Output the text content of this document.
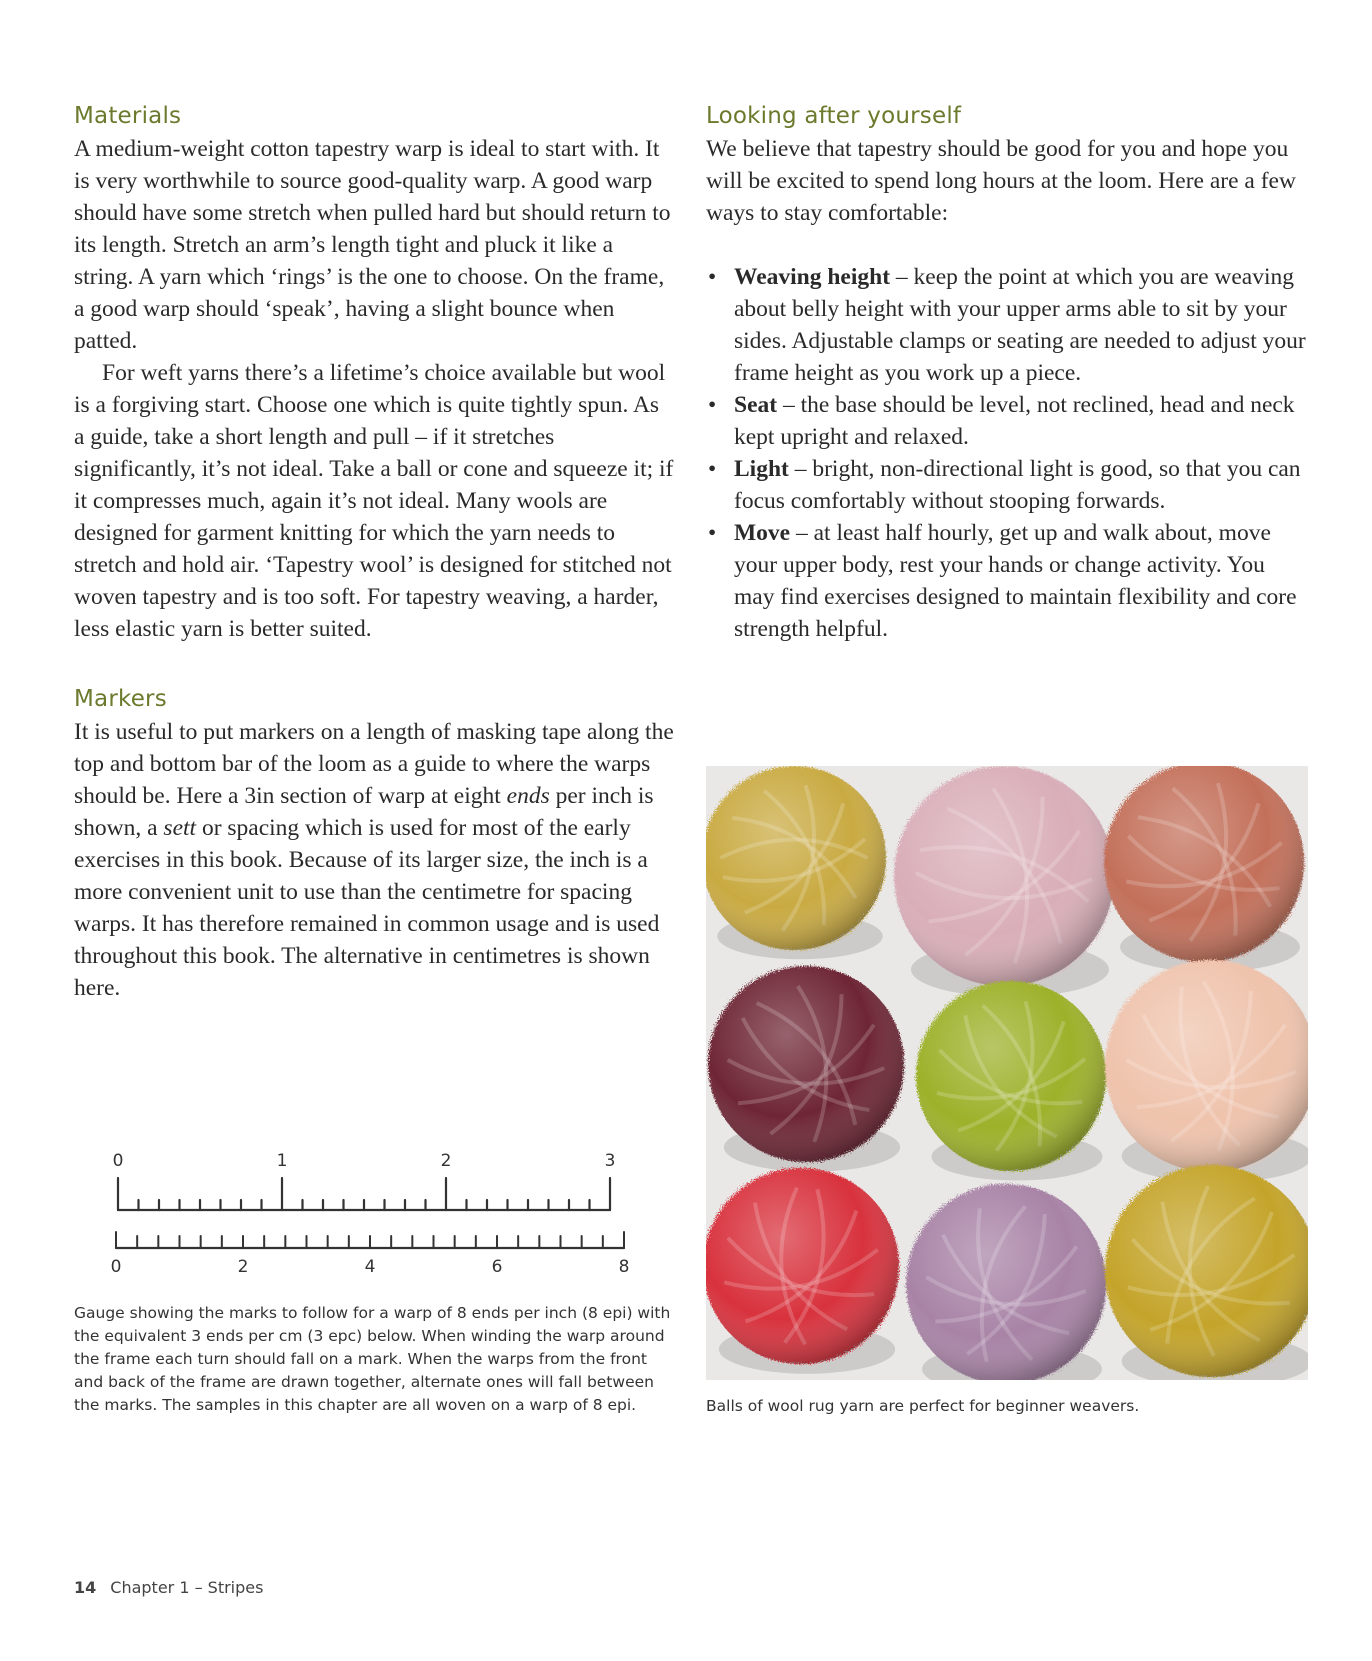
Materials

A medium-weight cotton tapestry warp is ideal to start with. It is very worthwhile to source good-quality warp. A good warp should have some stretch when pulled hard but should return to its length. Stretch an arm’s length tight and pluck it like a string. A yarn which ‘rings’ is the one to choose. On the frame, a good warp should ‘speak’, having a slight bounce when patted.

For weft yarns there’s a lifetime’s choice available but wool is a forgiving start. Choose one which is quite tightly spun. As a guide, take a short length and pull – if it stretches significantly, it’s not ideal. Take a ball or cone and squeeze it; if it compresses much, again it’s not ideal. Many wools are designed for garment knitting for which the yarn needs to stretch and hold air. ‘Tapestry wool’ is designed for stitched not woven tapestry and is too soft. For tapestry weaving, a harder, less elastic yarn is better suited.

Markers

It is useful to put markers on a length of masking tape along the top and bottom bar of the loom as a guide to where the warps should be. Here a 3in section of warp at eight ends per inch is shown, a sett or spacing which is used for most of the early exercises in this book. Because of its larger size, the inch is a more convenient unit to use than the centimetre for spacing warps. It has therefore remained in common usage and is used throughout this book. The alternative in centimetres is shown here.

0	1	2	3
0	2	4	6	8
Gauge showing the marks to follow for a warp of 8 ends per inch (8 epi) with the equivalent 3 ends per cm (3 epc) below. When winding the warp around the frame each turn should fall on a mark. When the warps from the front and back of the frame are drawn together, alternate ones will fall between the marks. The samples in this chapter are all woven on a warp of 8 epi.
Looking after yourself

We believe that tapestry should be good for you and hope you will be excited to spend long hours at the loom. Here are a few ways to stay comfortable:

• Weaving height – keep the point at which you are weaving about belly height with your upper arms able to sit by your sides. Adjustable clamps or seating are needed to adjust your frame height as you work up a piece.
• Seat – the base should be level, not reclined, head and neck kept upright and relaxed.
• Light – bright, non-directional light is good, so that you can focus comfortably without stooping forwards.
• Move – at least half hourly, get up and walk about, move your upper body, rest your hands or change activity. You may find exercises designed to maintain flexibility and core strength helpful.
Balls of wool rug yarn are perfect for beginner weavers.
14 Chapter 1 – Stripes
